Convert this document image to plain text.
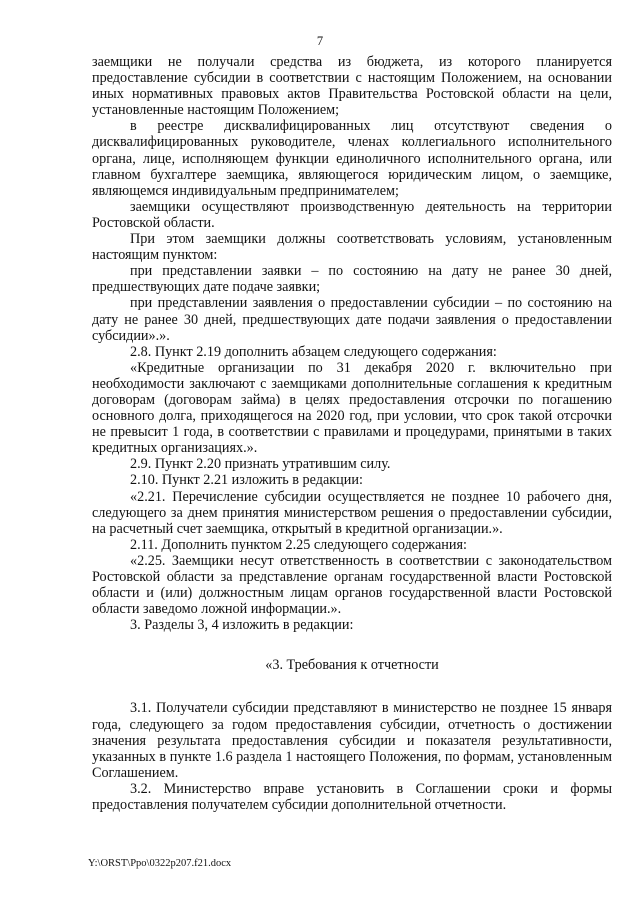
7

заемщики не получали средства из бюджета, из которого планируется предоставление субсидии в соответствии с настоящим Положением, на основании иных нормативных правовых актов Правительства Ростовской области на цели, установленные настоящим Положением;

в реестре дисквалифицированных лиц отсутствуют сведения о дисквалифицированных руководителе, членах коллегиального исполнительного органа, лице, исполняющем функции единоличного исполнительного органа, или главном бухгалтере заемщика, являющегося юридическим лицом, о заемщике, являющемся индивидуальным предпринимателем;

заемщики осуществляют производственную деятельность на территории Ростовской области.

При этом заемщики должны соответствовать условиям, установленным настоящим пунктом:

при представлении заявки – по состоянию на дату не ранее 30 дней, предшествующих дате подаче заявки;

при представлении заявления о предоставлении субсидии – по состоянию на дату не ранее 30 дней, предшествующих дате подачи заявления о предоставлении субсидии».».

2.8. Пункт 2.19 дополнить абзацем следующего содержания:

«Кредитные организации по 31 декабря 2020 г. включительно при необходимости заключают с заемщиками дополнительные соглашения к кредитным договорам (договорам займа) в целях предоставления отсрочки по погашению основного долга, приходящегося на 2020 год, при условии, что срок такой отсрочки не превысит 1 года, в соответствии с правилами и процедурами, принятыми в таких кредитных организациях.».

2.9. Пункт 2.20 признать утратившим силу.

2.10. Пункт 2.21 изложить в редакции:

«2.21. Перечисление субсидии осуществляется не позднее 10 рабочего дня, следующего за днем принятия министерством решения о предоставлении субсидии, на расчетный счет заемщика, открытый в кредитной организации.».

2.11. Дополнить пунктом 2.25 следующего содержания:

«2.25. Заемщики несут ответственность в соответствии с законодательством Ростовской области за представление органам государственной власти Ростовской области и (или) должностным лицам органов государственной власти Ростовской области заведомо ложной информации.».

3. Разделы 3, 4 изложить в редакции:

«3. Требования к отчетности

3.1. Получатели субсидии представляют в министерство не позднее 15 января года, следующего за годом предоставления субсидии, отчетность о достижении значения результата предоставления субсидии и показателя результативности, указанных в пункте 1.6 раздела 1 настоящего Положения, по формам, установленным Соглашением.

3.2. Министерство вправе установить в Соглашении сроки и формы предоставления получателем субсидии дополнительной отчетности.

Y:\ORST\Ppo\0322p207.f21.docx
